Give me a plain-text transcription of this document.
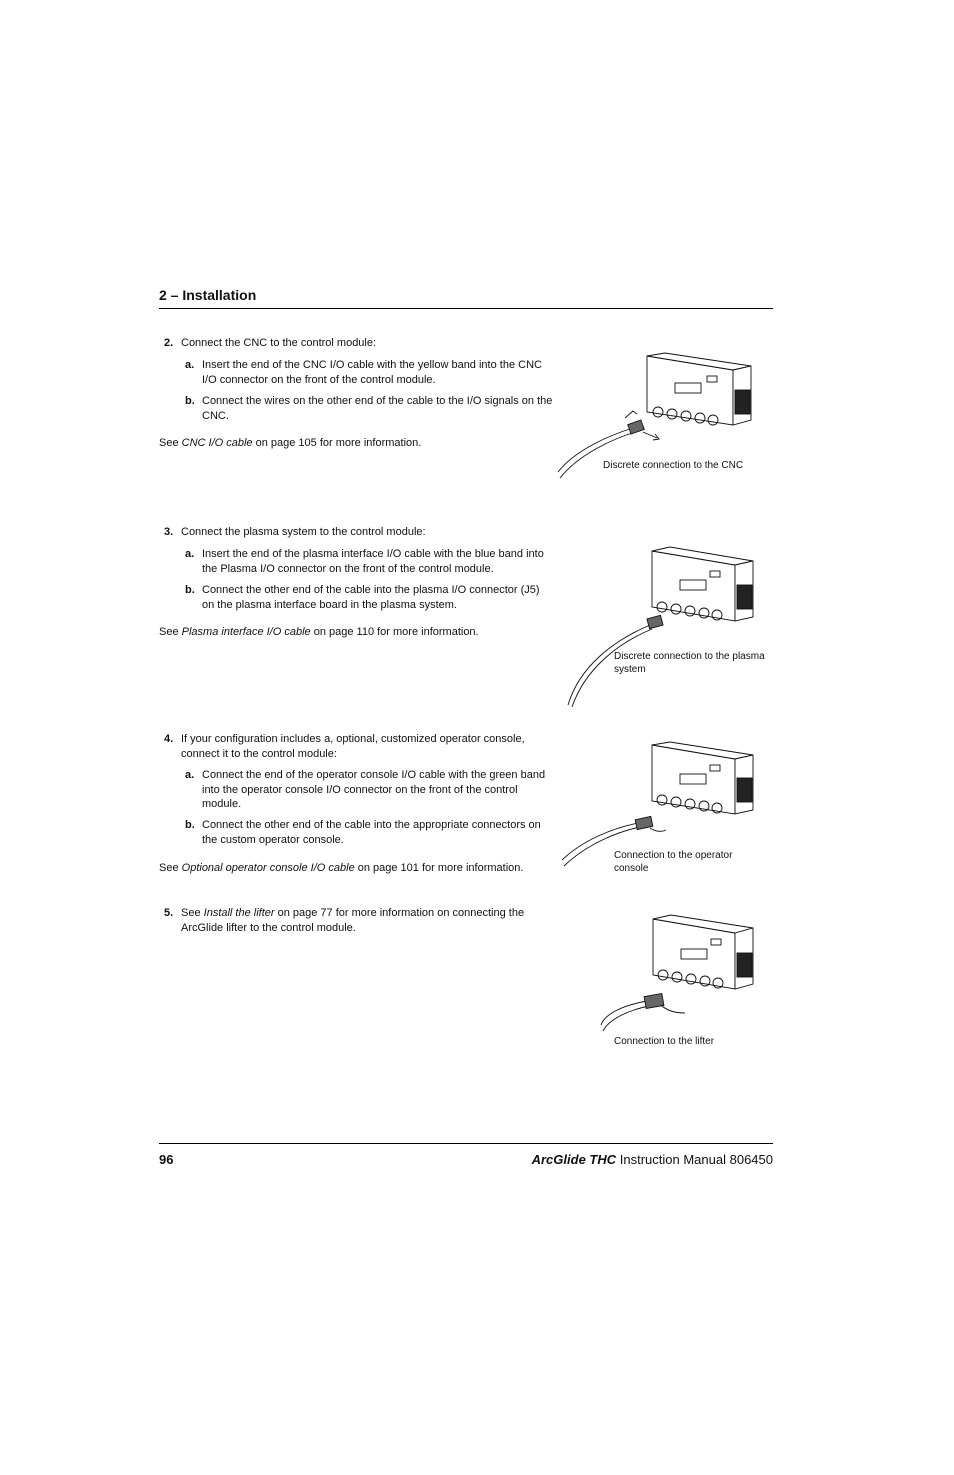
2 – Installation
2. Connect the CNC to the control module:
a. Insert the end of the CNC I/O cable with the yellow band into the CNC I/O connector on the front of the control module.
b. Connect the wires on the other end of the cable to the I/O signals on the CNC.
See CNC I/O cable on page 105 for more information.
3. Connect the plasma system to the control module:
a. Insert the end of the plasma interface I/O cable with the blue band into the Plasma I/O connector on the front of the control module.
b. Connect the other end of the cable into the plasma I/O connector (J5) on the plasma interface board in the plasma system.
See Plasma interface I/O cable on page 110 for more information.
4. If your configuration includes a, optional, customized operator console, connect it to the control module:
a. Connect the end of the operator console I/O cable with the green band into the operator console I/O connector on the front of the control module.
b. Connect the other end of the cable into the appropriate connectors on the custom operator console.
See Optional operator console I/O cable on page 101 for more information.
5. See Install the lifter on page 77 for more information on connecting the ArcGlide lifter to the control module.
Discrete connection to the CNC
Discrete connection to the plasma system
Connection to the operator console
Connection to the lifter
96	ArcGlide THC Instruction Manual 806450
